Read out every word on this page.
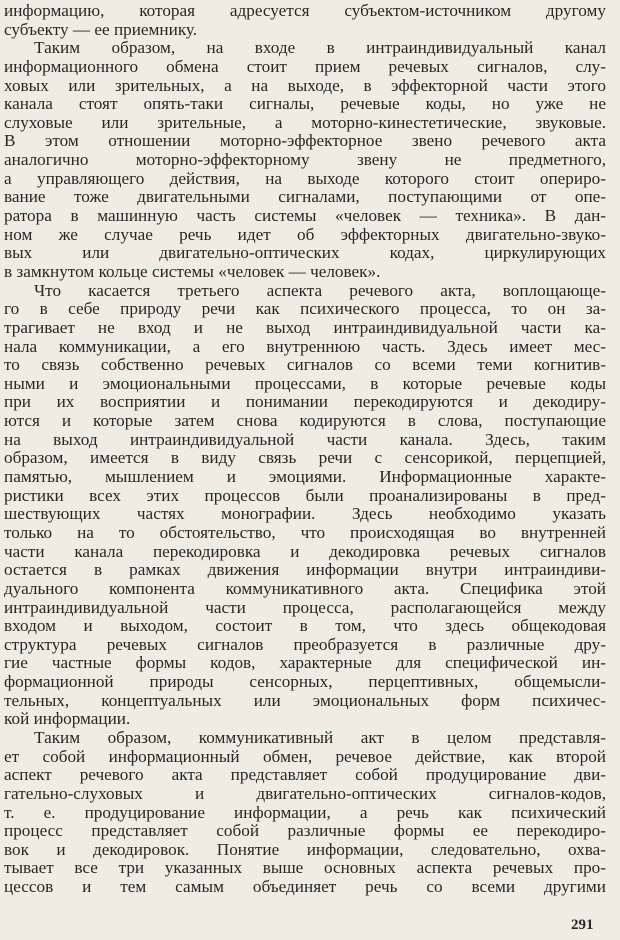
информацию, которая адресуется субъектом-источником другому
субъекту — ее приемнику.
Таким образом, на входе в интраиндивидуальный канал
информационного обмена стоит прием речевых сигналов, слу-
ховых или зрительных, а на выходе, в эффекторной части этого
канала стоят опять-таки сигналы, речевые коды, но уже не
слуховые или зрительные, а моторно-кинестетические, звуковые.
В этом отношении моторно-эффекторное звено речевого акта
аналогично моторно-эффекторному звену не предметного,
а управляющего действия, на выходе которого стоит опериро-
вание тоже двигательными сигналами, поступающими от опе-
ратора в машинную часть системы «человек — техника». В дан-
ном же случае речь идет об эффекторных двигательно-звуко-
вых или двигательно-оптических кодах, циркулирующих
в замкнутом кольце системы «человек — человек».
Что касается третьего аспекта речевого акта, воплощающе-
го в себе природу речи как психического процесса, то он за-
трагивает не вход и не выход интраиндивидуальной части ка-
нала коммуникации, а его внутреннюю часть. Здесь имеет мес-
то связь собственно речевых сигналов со всеми теми когнитив-
ными и эмоциональными процессами, в которые речевые коды
при их восприятии и понимании перекодируются и декодиру-
ются и которые затем снова кодируются в слова, поступающие
на выход интраиндивидуальной части канала. Здесь, таким
образом, имеется в виду связь речи с сенсорикой, перцепцией,
памятью, мышлением и эмоциями. Информационные характе-
ристики всех этих процессов были проанализированы в пред-
шествующих частях монографии. Здесь необходимо указать
только на то обстоятельство, что происходящая во внутренней
части канала перекодировка и декодировка речевых сигналов
остается в рамках движения информации внутри интраиндиви-
дуального компонента коммуникативного акта. Специфика этой
интраиндивидуальной части процесса, располагающейся между
входом и выходом, состоит в том, что здесь общекодовая
структура речевых сигналов преобразуется в различные дру-
гие частные формы кодов, характерные для специфической ин-
формационной природы сенсорных, перцептивных, общемысли-
тельных, концептуальных или эмоциональных форм психичес-
кой информации.
Таким образом, коммуникативный акт в целом представля-
ет собой информационный обмен, речевое действие, как второй
аспект речевого акта представляет собой продуцирование дви-
гательно-слуховых и двигательно-оптических сигналов-кодов,
т. е. продуцирование информации, а речь как психический
процесс представляет собой различные формы ее перекодиро-
вок и декодировок. Понятие информации, следовательно, охва-
тывает все три указанных выше основных аспекта речевых про-
цессов и тем самым объединяет речь со всеми другими
291
